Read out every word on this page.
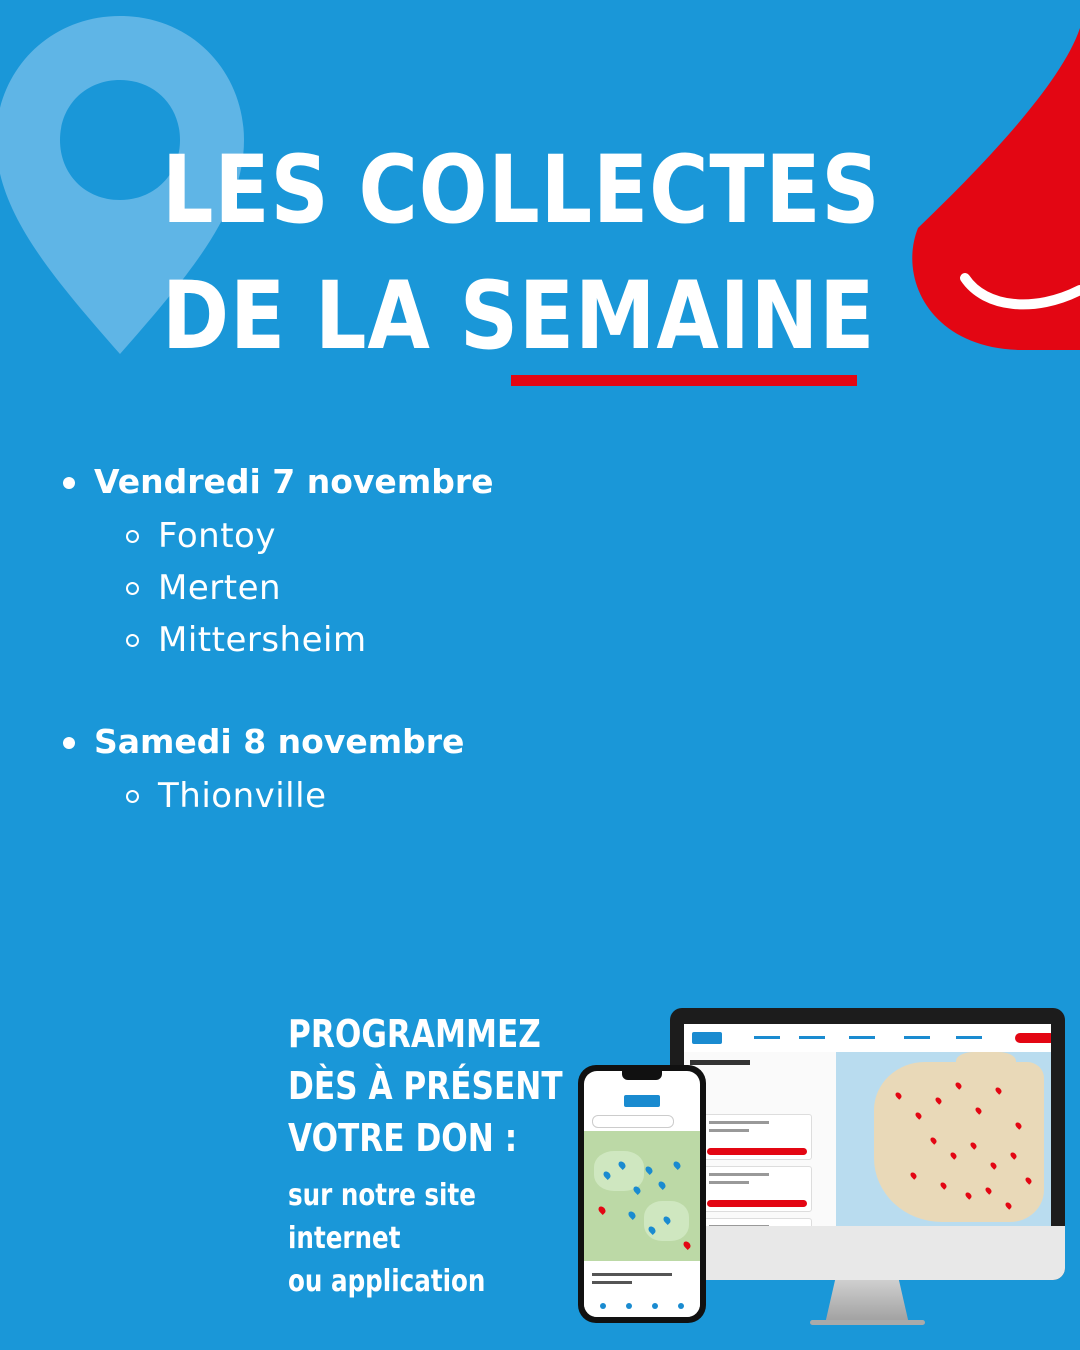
LES COLLECTES
DE LA SEMAINE
Vendredi 7 novembre
Fontoy
Merten
Mittersheim
Samedi 8 novembre
Thionville
PROGRAMMEZ
DÈS À PRÉSENT
VOTRE DON :
sur notre site
internet
ou application
